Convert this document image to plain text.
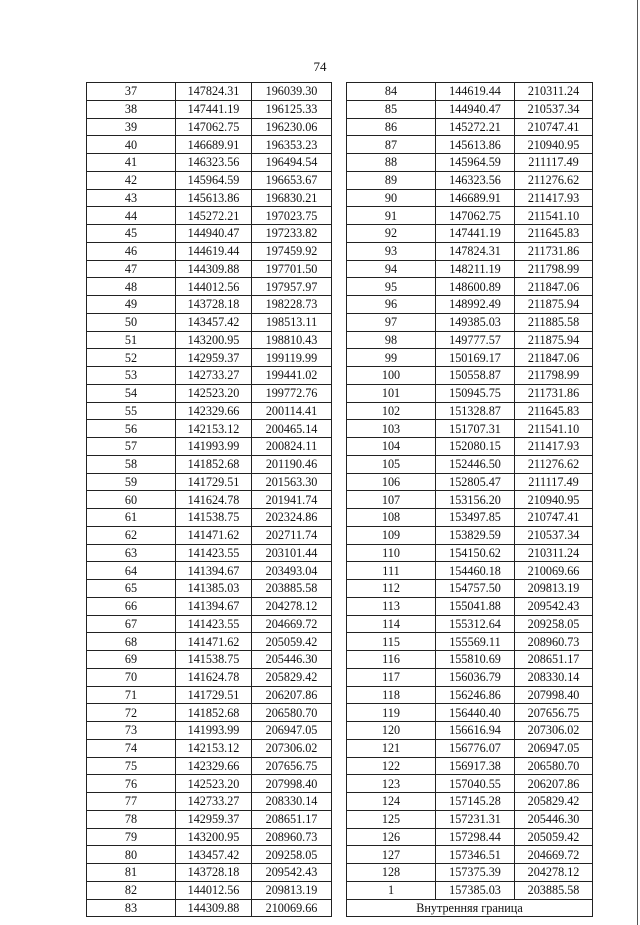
74
37	147824.31	196039.30
38	147441.19	196125.33
39	147062.75	196230.06
40	146689.91	196353.23
41	146323.56	196494.54
42	145964.59	196653.67
43	145613.86	196830.21
44	145272.21	197023.75
45	144940.47	197233.82
46	144619.44	197459.92
47	144309.88	197701.50
48	144012.56	197957.97
49	143728.18	198228.73
50	143457.42	198513.11
51	143200.95	198810.43
52	142959.37	199119.99
53	142733.27	199441.02
54	142523.20	199772.76
55	142329.66	200114.41
56	142153.12	200465.14
57	141993.99	200824.11
58	141852.68	201190.46
59	141729.51	201563.30
60	141624.78	201941.74
61	141538.75	202324.86
62	141471.62	202711.74
63	141423.55	203101.44
64	141394.67	203493.04
65	141385.03	203885.58
66	141394.67	204278.12
67	141423.55	204669.72
68	141471.62	205059.42
69	141538.75	205446.30
70	141624.78	205829.42
71	141729.51	206207.86
72	141852.68	206580.70
73	141993.99	206947.05
74	142153.12	207306.02
75	142329.66	207656.75
76	142523.20	207998.40
77	142733.27	208330.14
78	142959.37	208651.17
79	143200.95	208960.73
80	143457.42	209258.05
81	143728.18	209542.43
82	144012.56	209813.19
83	144309.88	210069.66
84	144619.44	210311.24
85	144940.47	210537.34
86	145272.21	210747.41
87	145613.86	210940.95
88	145964.59	211117.49
89	146323.56	211276.62
90	146689.91	211417.93
91	147062.75	211541.10
92	147441.19	211645.83
93	147824.31	211731.86
94	148211.19	211798.99
95	148600.89	211847.06
96	148992.49	211875.94
97	149385.03	211885.58
98	149777.57	211875.94
99	150169.17	211847.06
100	150558.87	211798.99
101	150945.75	211731.86
102	151328.87	211645.83
103	151707.31	211541.10
104	152080.15	211417.93
105	152446.50	211276.62
106	152805.47	211117.49
107	153156.20	210940.95
108	153497.85	210747.41
109	153829.59	210537.34
110	154150.62	210311.24
111	154460.18	210069.66
112	154757.50	209813.19
113	155041.88	209542.43
114	155312.64	209258.05
115	155569.11	208960.73
116	155810.69	208651.17
117	156036.79	208330.14
118	156246.86	207998.40
119	156440.40	207656.75
120	156616.94	207306.02
121	156776.07	206947.05
122	156917.38	206580.70
123	157040.55	206207.86
124	157145.28	205829.42
125	157231.31	205446.30
126	157298.44	205059.42
127	157346.51	204669.72
128	157375.39	204278.12
1	157385.03	203885.58
Внутренняя граница		
